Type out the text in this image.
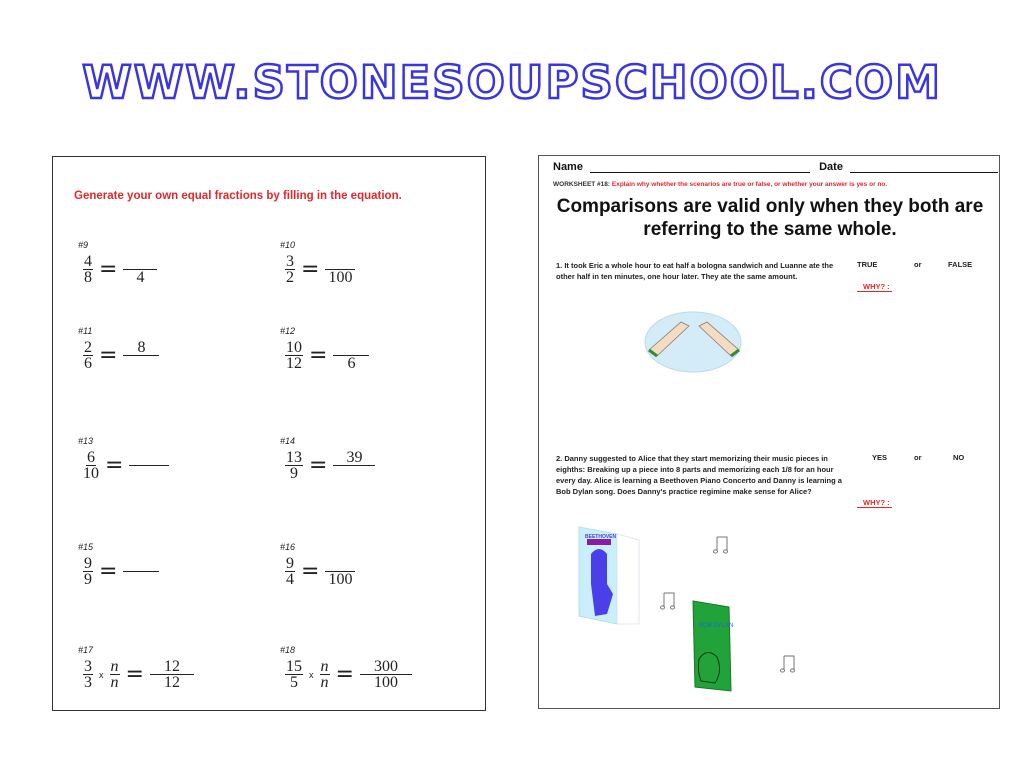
WWW.STONESOUPSCHOOL.COM
Generate your own equal fractions by filling in the equation.
#9
$\frac{4}{8} = 4$
#10
$\frac{3}{2} = 100$
#11
$\frac{2}{6}$ =	8
#12
$\frac{10}{12} = 6$
#13
$\frac{6}{10}$ =
#14
$\frac{13}{9}$ =	39
#15
$\frac{9}{9}$ =
#16
$\frac{9}{4} = 100$
#17
$\frac{3}{3}$ x $\frac{n}{n} = \frac{12}{12}$
#18
$\frac{15}{5}$ x $\frac{n}{n} = \frac{300}{100}$
Name	Date
WORKSHEET #18: Explain why whether the scenarios are true or false, or whether your answer is yes or no.
Comparisons are valid only when they both are
referring to the same whole.
1. It took Eric a whole hour to eat half a bologna sandwich and Luanne ate the other half in ten minutes, one hour later. They ate the same amount.
TRUE	or	FALSE
WHY? :
2. Danny suggested to Alice that they start memorizing their music pieces in eighths: Breaking up a piece into 8 parts and memorizing each 1/8 for an hour every day. Alice is learning a Beethoven Piano Concerto and Danny is learning a Bob Dylan song. Does Danny's practice regimine make sense for Alice?
YES	or	NO
WHY? :
BEETHOVEN
BOB DYLAN
